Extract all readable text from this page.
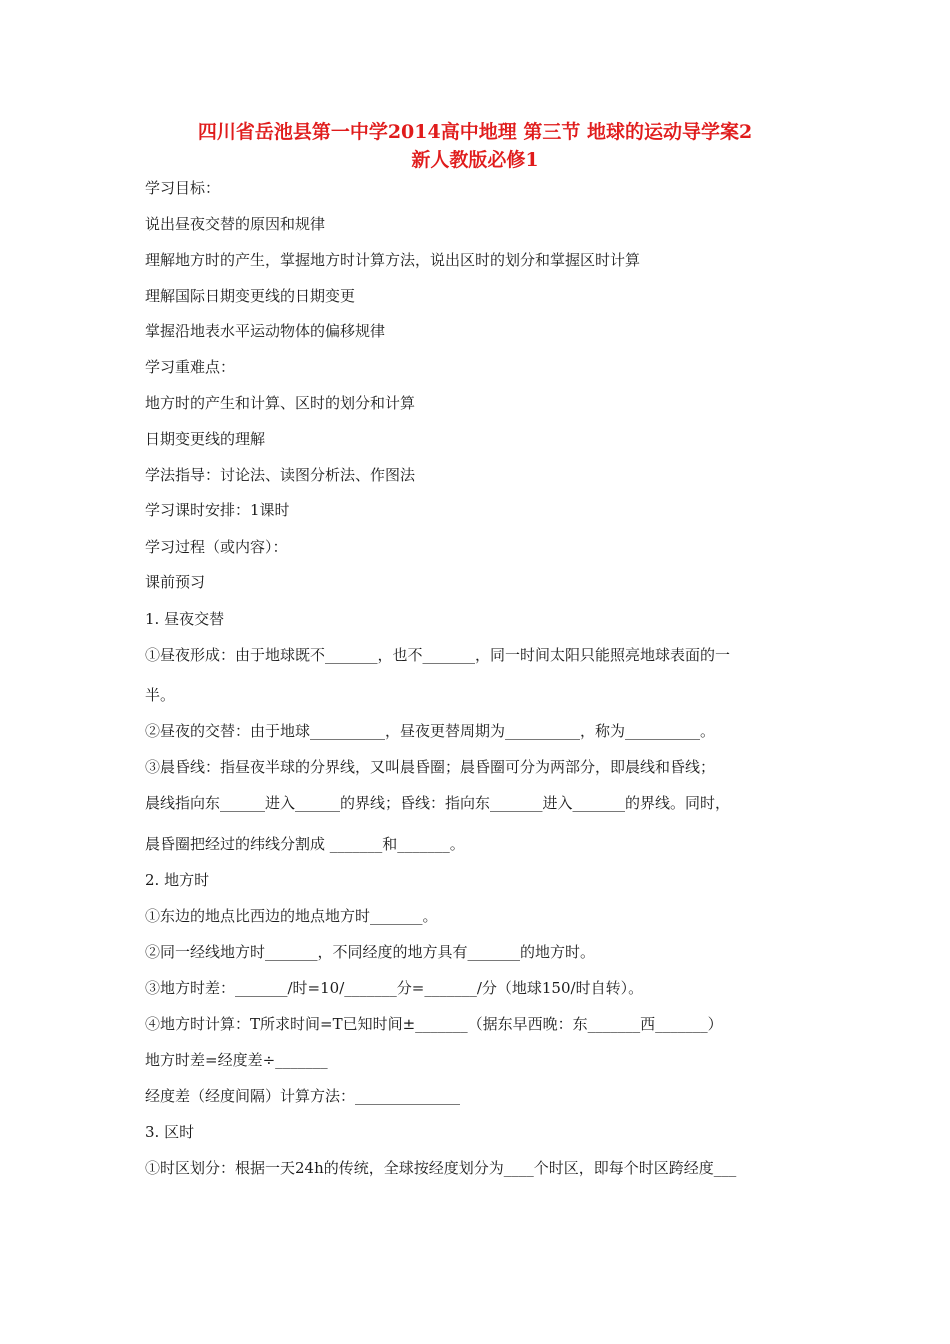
四川省岳池县第一中学2014高中地理 第三节 地球的运动导学案2
新人教版必修1
学习目标：
说出昼夜交替的原因和规律
理解地方时的产生，掌握地方时计算方法，说出区时的划分和掌握区时计算
理解国际日期变更线的日期变更
掌握沿地表水平运动物体的偏移规律
学习重难点：
地方时的产生和计算、区时的划分和计算
日期变更线的理解
学法指导：讨论法、读图分析法、作图法
学习课时安排：1课时
学习过程（或内容）：
课前预习
1. 昼夜交替
①昼夜形成：由于地球既不_______，也不_______，同一时间太阳只能照亮地球表面的一
半。
②昼夜的交替：由于地球__________，昼夜更替周期为__________，称为__________。
③晨昏线：指昼夜半球的分界线，又叫晨昏圈；晨昏圈可分为两部分，即晨线和昏线；
晨线指向东______进入______的界线；昏线：指向东_______进入_______的界线。同时，
晨昏圈把经过的纬线分割成 _______和_______。
2. 地方时
①东边的地点比西边的地点地方时_______。
②同一经线地方时_______，不同经度的地方具有_______的地方时。
③地方时差：_______/时=10/_______分=_______/分（地球150/时自转）。
④地方时计算：T所求时间=T已知时间±_______（据东早西晚：东_______西_______）
地方时差=经度差÷_______
经度差（经度间隔）计算方法：______________
3. 区时
①时区划分：根据一天24h的传统，全球按经度划分为____个时区，即每个时区跨经度___
